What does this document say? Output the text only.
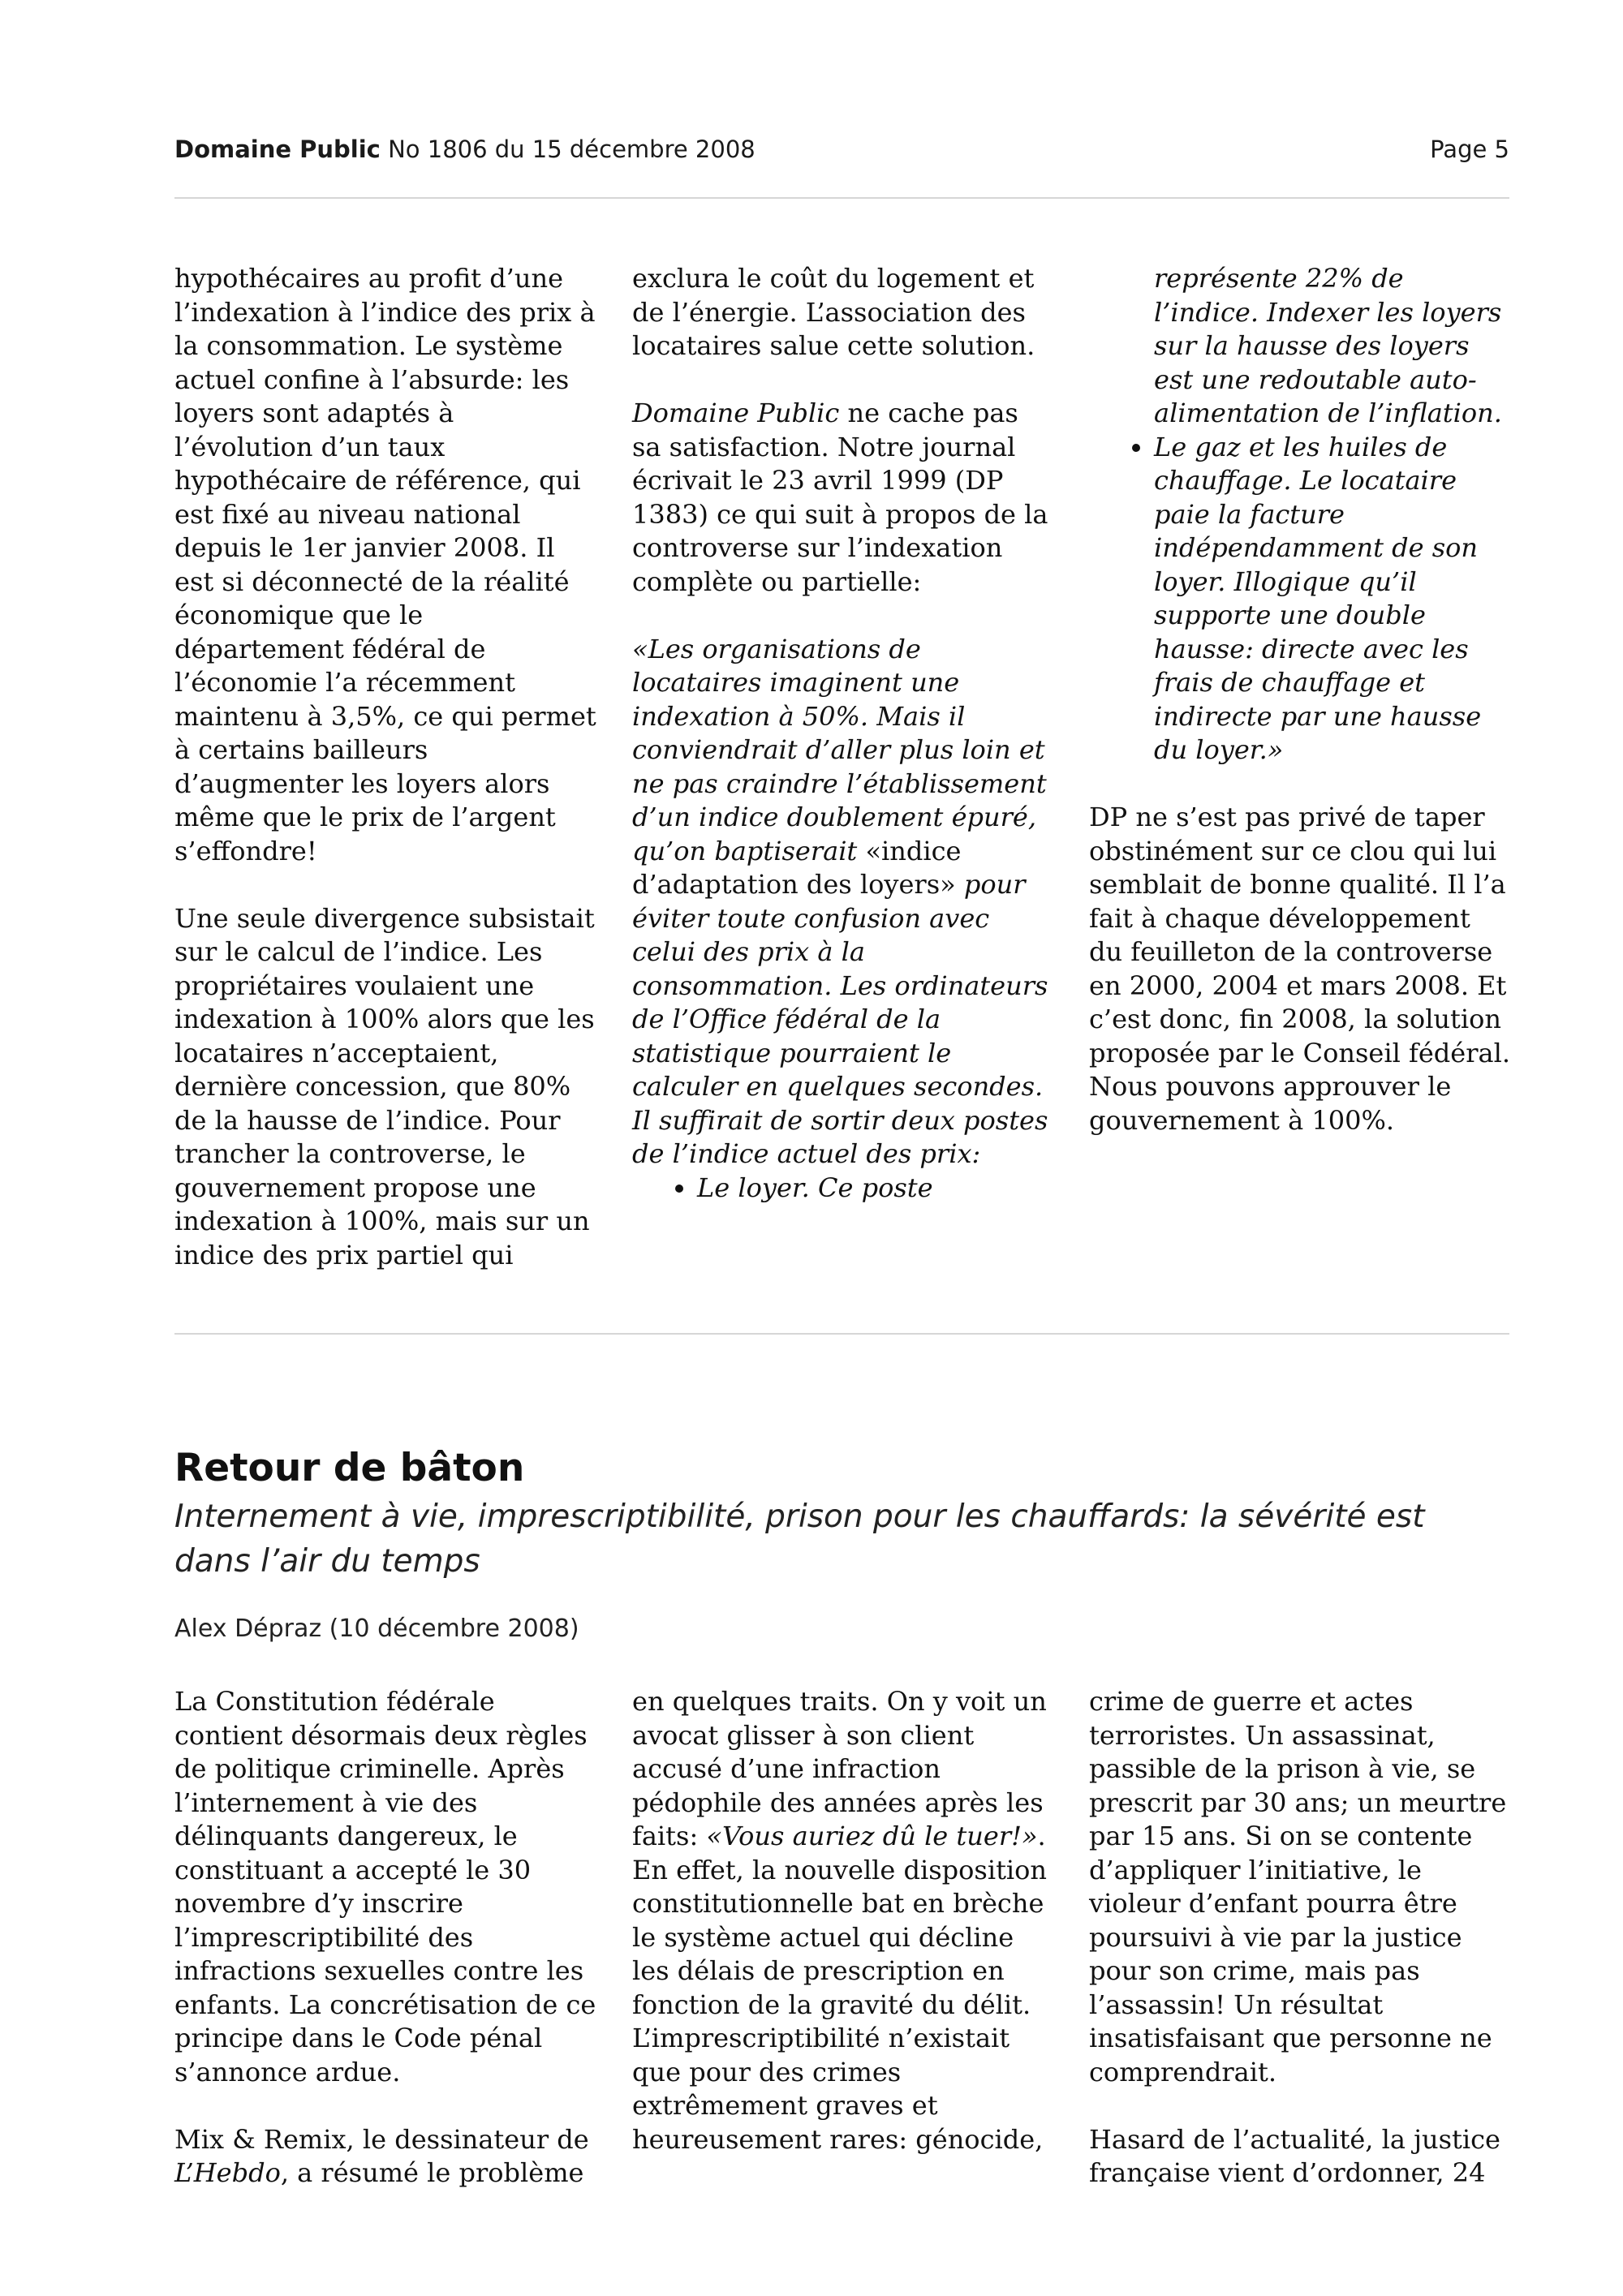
Domaine Public No 1806 du 15 décembre 2008	Page 5

hypothécaires au profit d’une l’indexation à l’indice des prix à la consommation. Le système actuel confine à l’absurde: les loyers sont adaptés à l’évolution d’un taux hypothécaire de référence, qui est fixé au niveau national depuis le 1er janvier 2008. Il est si déconnecté de la réalité économique que le département fédéral de l’économie l’a récemment maintenu à 3,5%, ce qui permet à certains bailleurs d’augmenter les loyers alors même que le prix de l’argent s’effondre!

Une seule divergence subsistait sur le calcul de l’indice. Les propriétaires voulaient une indexation à 100% alors que les locataires n’acceptaient, dernière concession, que 80% de la hausse de l’indice. Pour trancher la controverse, le gouvernement propose une indexation à 100%, mais sur un indice des prix partiel qui

exclura le coût du logement et de l’énergie. L’association des locataires salue cette solution.

Domaine Public ne cache pas sa satisfaction. Notre journal écrivait le 23 avril 1999 (DP 1383) ce qui suit à propos de la controverse sur l’indexation complète ou partielle:

«Les organisations de locataires imaginent une indexation à 50%. Mais il conviendrait d’aller plus loin et ne pas craindre l’établissement d’un indice doublement épuré, qu’on baptiserait «indice d’adaptation des loyers» pour éviter toute confusion avec celui des prix à la consommation. Les ordinateurs de l’Office fédéral de la statistique pourraient le calculer en quelques secondes. Il suffirait de sortir deux postes de l’indice actuel des prix:

• Le loyer. Ce poste

représente 22% de l’indice. Indexer les loyers sur la hausse des loyers est une redoutable auto-alimentation de l’inflation.

• Le gaz et les huiles de chauffage. Le locataire paie la facture indépendamment de son loyer. Illogique qu’il supporte une double hausse: directe avec les frais de chauffage et indirecte par une hausse du loyer.»

DP ne s’est pas privé de taper obstinément sur ce clou qui lui semblait de bonne qualité. Il l’a fait à chaque développement du feuilleton de la controverse en 2000, 2004 et mars 2008. Et c’est donc, fin 2008, la solution proposée par le Conseil fédéral. Nous pouvons approuver le gouvernement à 100%.

Retour de bâton

Internement à vie, imprescriptibilité, prison pour les chauffards: la sévérité est dans l’air du temps

Alex Dépraz (10 décembre 2008)

La Constitution fédérale contient désormais deux règles de politique criminelle. Après l’internement à vie des délinquants dangereux, le constituant a accepté le 30 novembre d’y inscrire l’imprescriptibilité des infractions sexuelles contre les enfants. La concrétisation de ce principe dans le Code pénal s’annonce ardue.

Mix & Remix, le dessinateur de L’Hebdo, a résumé le problème

en quelques traits. On y voit un avocat glisser à son client accusé d’une infraction pédophile des années après les faits: «Vous auriez dû le tuer!». En effet, la nouvelle disposition constitutionnelle bat en brèche le système actuel qui décline les délais de prescription en fonction de la gravité du délit. L’imprescriptibilité n’existait que pour des crimes extrêmement graves et heureusement rares: génocide,

crime de guerre et actes terroristes. Un assassinat, passible de la prison à vie, se prescrit par 30 ans; un meurtre par 15 ans. Si on se contente d’appliquer l’initiative, le violeur d’enfant pourra être poursuivi à vie par la justice pour son crime, mais pas l’assassin! Un résultat insatisfaisant que personne ne comprendrait.

Hasard de l’actualité, la justice française vient d’ordonner, 24
